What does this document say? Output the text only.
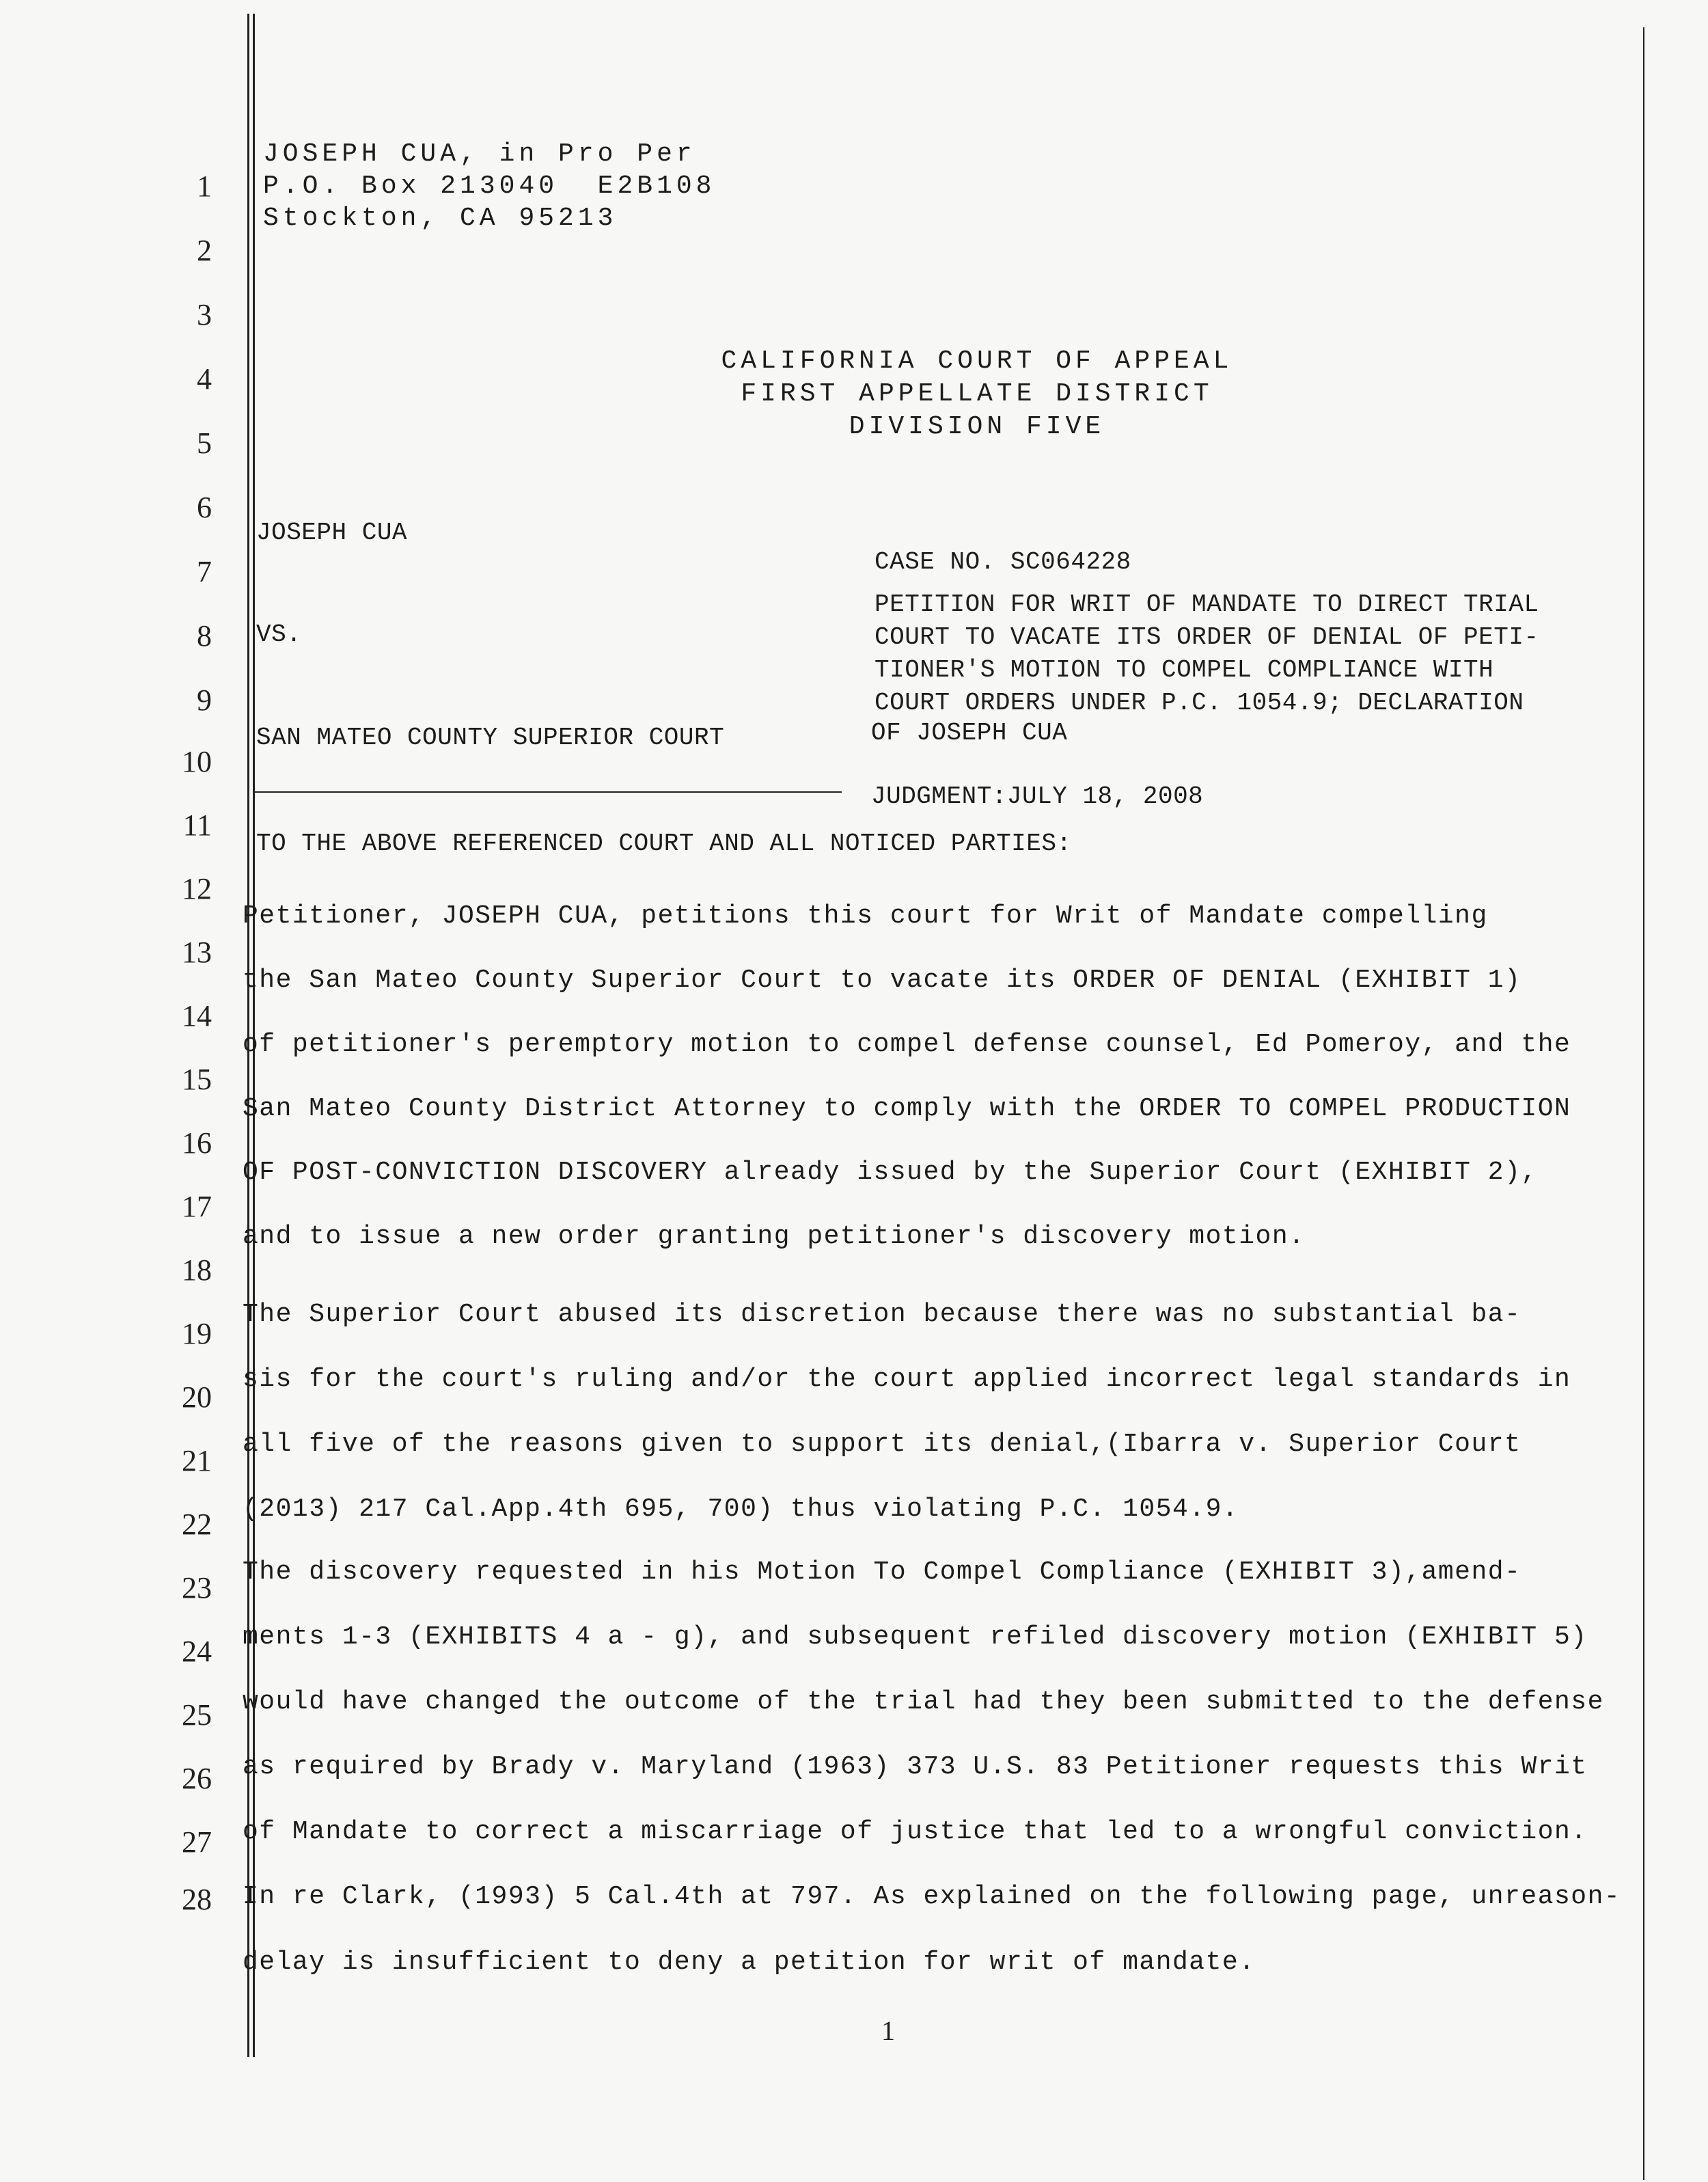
1
2
3
4
5
6
7
8
9
10
11
12
13
14
15
16
17
18
19
20
21
22
23
24
25
26
27
28
JOSEPH CUA, in Pro Per
P.O. Box 213040  E2B108
Stockton, CA 95213
CALIFORNIA COURT OF APPEAL
FIRST APPELLATE DISTRICT
DIVISION FIVE
JOSEPH CUA
VS.
SAN MATEO COUNTY SUPERIOR COURT
CASE NO. SC064228
PETITION FOR WRIT OF MANDATE TO DIRECT TRIAL
COURT TO VACATE ITS ORDER OF DENIAL OF PETI-
TIONER'S MOTION TO COMPEL COMPLIANCE WITH
COURT ORDERS UNDER P.C. 1054.9; DECLARATION
OF JOSEPH CUA
JUDGMENT:JULY 18, 2008
TO THE ABOVE REFERENCED COURT AND ALL NOTICED PARTIES:
Petitioner, JOSEPH CUA, petitions this court for Writ of Mandate compelling
the San Mateo County Superior Court to vacate its ORDER OF DENIAL (EXHIBIT 1)
of petitioner's peremptory motion to compel defense counsel, Ed Pomeroy, and the
San Mateo County District Attorney to comply with the ORDER TO COMPEL PRODUCTION
OF POST-CONVICTION DISCOVERY already issued by the Superior Court (EXHIBIT 2),
and to issue a new order granting petitioner's discovery motion.
The Superior Court abused its discretion because there was no substantial ba-
sis for the court's ruling and/or the court applied incorrect legal standards in
all five of the reasons given to support its denial,(Ibarra v. Superior Court
(2013) 217 Cal.App.4th 695, 700) thus violating P.C. 1054.9.
The discovery requested in his Motion To Compel Compliance (EXHIBIT 3),amend-
ments 1-3 (EXHIBITS 4 a - g), and subsequent refiled discovery motion (EXHIBIT 5)
would have changed the outcome of the trial had they been submitted to the defense
as required by Brady v. Maryland (1963) 373 U.S. 83 Petitioner requests this Writ
of Mandate to correct a miscarriage of justice that led to a wrongful conviction.
In re Clark, (1993) 5 Cal.4th at 797. As explained on the following page, unreason-
delay is insufficient to deny a petition for writ of mandate.
1
